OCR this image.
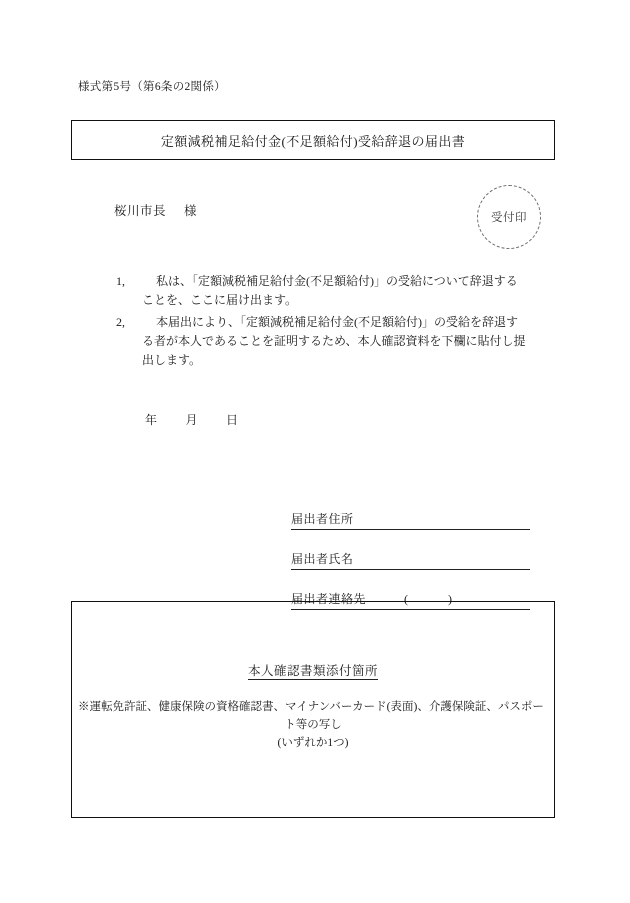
様式第5号（第6条の2関係）
定額減税補足給付金(不足額給付)受給辞退の届出書
桜川市長 様	受付印
1,	私は、「定額減税補足給付金(不足額給付)」の受給について辞退する
ことを、ここに届け出ます。
2,	本届出により、「定額減税補足給付金(不足額給付)」の受給を辞退す
る者が本人であることを証明するため、本人確認資料を下欄に貼付し提
出します。
年 月 日
届出者住所
届出者氏名
届出者連絡先	(	)
本人確認書類添付箇所
※運転免許証、健康保険の資格確認書、マイナンバーカード(表面)、介護保険証、パスポー
ト等の写し
(いずれか1つ)
